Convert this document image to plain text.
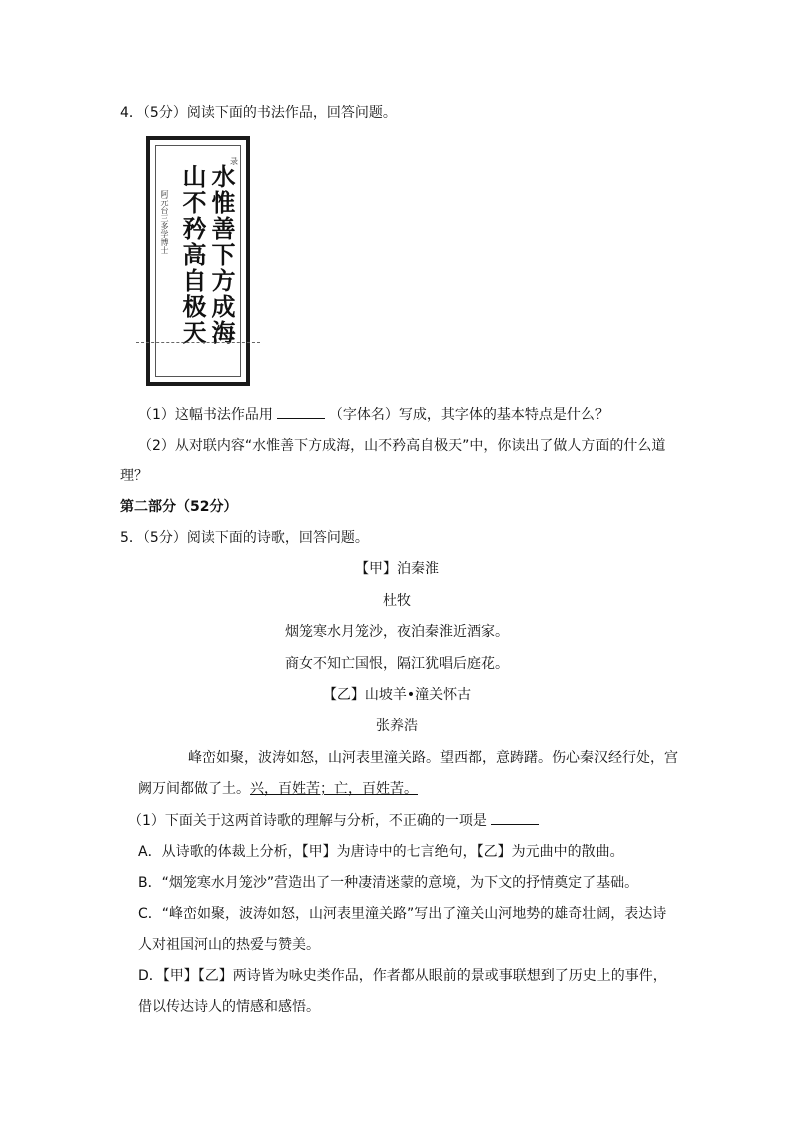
4．（5分）阅读下面的书法作品，回答问题。
水惟善下方成海
山不矜高自极天
录
阿元台三多学博士
（1）这幅书法作品用	（字体名）写成，其字体的基本特点是什么？
（2）从对联内容“水惟善下方成海，山不矜高自极天”中，你读出了做人方面的什么道
理？
第二部分（52分）
5．（5分）阅读下面的诗歌，回答问题。
【甲】泊秦淮
杜牧
烟笼寒水月笼沙，夜泊秦淮近酒家。
商女不知亡国恨，隔江犹唱后庭花。
【乙】山坡羊•潼关怀古
张养浩
峰峦如聚，波涛如怒，山河表里潼关路。望西都，意踌躇。伤心秦汉经行处，宫
阙万间都做了土。兴，百姓苦；亡，百姓苦。
（1）下面关于这两首诗歌的理解与分析，不正确的一项是
A．从诗歌的体裁上分析，【甲】为唐诗中的七言绝句，【乙】为元曲中的散曲。
B．“烟笼寒水月笼沙”营造出了一种凄清迷蒙的意境，为下文的抒情奠定了基础。
C．“峰峦如聚，波涛如怒，山河表里潼关路”写出了潼关山河地势的雄奇壮阔，表达诗
人对祖国河山的热爱与赞美。
D．【甲】【乙】两诗皆为咏史类作品，作者都从眼前的景或事联想到了历史上的事件，
借以传达诗人的情感和感悟。
